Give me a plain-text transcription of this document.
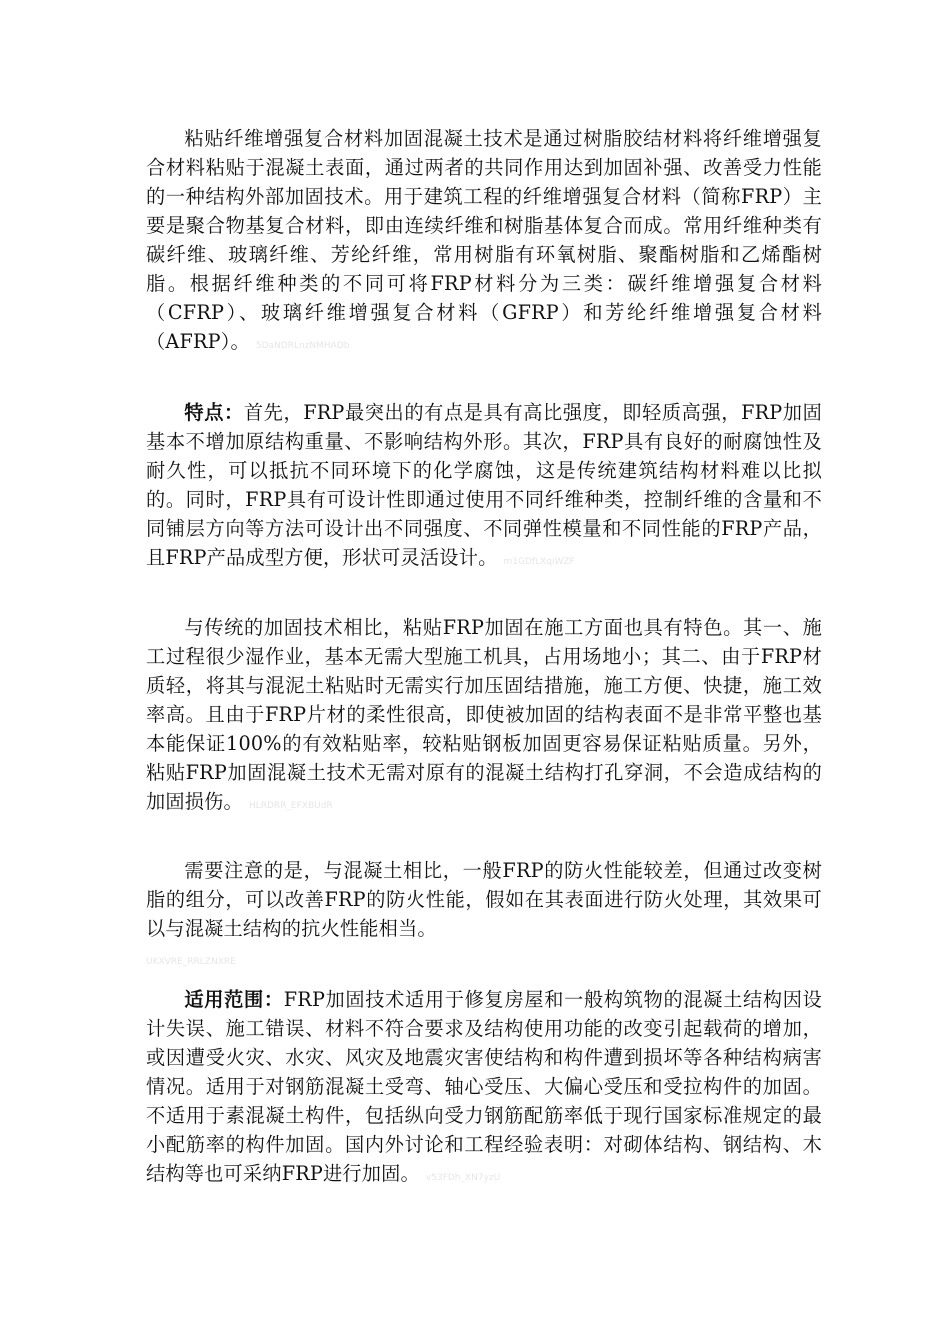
粘贴纤维增强复合材料加固混凝土技术是通过树脂胶结材料将纤维增强复合材料粘贴于混凝土表面，通过两者的共同作用达到加固补强、改善受力性能的一种结构外部加固技术。用于建筑工程的纤维增强复合材料（简称FRP）主要是聚合物基复合材料，即由连续纤维和树脂基体复合而成。常用纤维种类有碳纤维、玻璃纤维、芳纶纤维，常用树脂有环氧树脂、聚酯树脂和乙烯酯树脂。根据纤维种类的不同可将FRP材料分为三类：碳纤维增强复合材料（CFRP）、玻璃纤维增强复合材料（GFRP）和芳纶纤维增强复合材料（AFRP）。 5DaNDRLnzNMHADb

特点：首先，FRP最突出的有点是具有高比强度，即轻质高强，FRP加固基本不增加原结构重量、不影响结构外形。其次，FRP具有良好的耐腐蚀性及耐久性，可以抵抗不同环境下的化学腐蚀，这是传统建筑结构材料难以比拟的。同时，FRP具有可设计性即通过使用不同纤维种类，控制纤维的含量和不同铺层方向等方法可设计出不同强度、不同弹性模量和不同性能的FRP产品，且FRP产品成型方便，形状可灵活设计。 m1GDfLXqiWZF

与传统的加固技术相比，粘贴FRP加固在施工方面也具有特色。其一、施工过程很少湿作业，基本无需大型施工机具，占用场地小；其二、由于FRP材质轻，将其与混泥土粘贴时无需实行加压固结措施，施工方便、快捷，施工效率高。且由于FRP片材的柔性很高，即使被加固的结构表面不是非常平整也基本能保证100%的有效粘贴率，较粘贴钢板加固更容易保证粘贴质量。另外，粘贴FRP加固混凝土技术无需对原有的混凝土结构打孔穿洞，不会造成结构的加固损伤。 HLRDRR_EFXBUdR

需要注意的是，与混凝土相比，一般FRP的防火性能较差，但通过改变树脂的组分，可以改善FRP的防火性能，假如在其表面进行防火处理，其效果可以与混凝土结构的抗火性能相当。
UKXVRE_RRLZNXRE

适用范围：FRP加固技术适用于修复房屋和一般构筑物的混凝土结构因设计失误、施工错误、材料不符合要求及结构使用功能的改变引起载荷的增加，或因遭受火灾、水灾、风灾及地震灾害使结构和构件遭到损坏等各种结构病害情况。适用于对钢筋混凝土受弯、轴心受压、大偏心受压和受拉构件的加固。不适用于素混凝土构件，包括纵向受力钢筋配筋率低于现行国家标准规定的最小配筋率的构件加固。国内外讨论和工程经验表明：对砌体结构、钢结构、木结构等也可采纳FRP进行加固。 v53FDh_XN7yzU
